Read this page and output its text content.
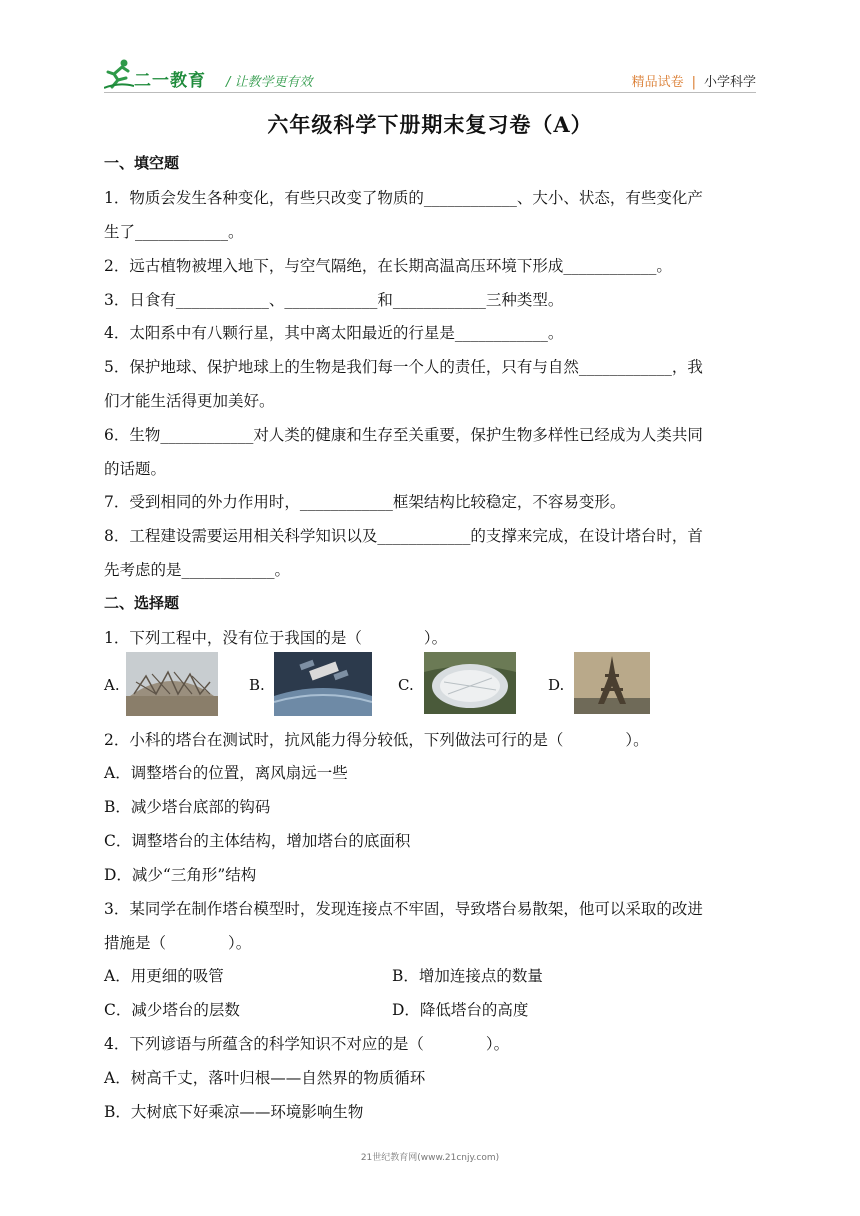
二一教育 / 让教学更有效	精品试卷 | 小学科学
六年级科学下册期末复习卷（A）
一、填空题
1．物质会发生各种变化，有些只改变了物质的____________、大小、状态，有些变化产
生了____________。
2．远古植物被埋入地下，与空气隔绝，在长期高温高压环境下形成____________。
3．日食有____________、____________和____________三种类型。
4．太阳系中有八颗行星，其中离太阳最近的行星是____________。
5．保护地球、保护地球上的生物是我们每一个人的责任，只有与自然____________，我
们才能生活得更加美好。
6．生物____________对人类的健康和生存至关重要，保护生物多样性已经成为人类共同
的话题。
7．受到相同的外力作用时，____________框架结构比较稳定，不容易变形。
8．工程建设需要运用相关科学知识以及____________的支撑来完成，在设计塔台时，首
先考虑的是____________。
二、选择题
1．下列工程中，没有位于我国的是（　　　　）。
A.	B.	C.	D.
2．小科的塔台在测试时，抗风能力得分较低，下列做法可行的是（　　　　）。
A．调整塔台的位置，离风扇远一些
B．减少塔台底部的钩码
C．调整塔台的主体结构，增加塔台的底面积
D．减少“三角形”结构
3．某同学在制作塔台模型时，发现连接点不牢固，导致塔台易散架，他可以采取的改进
措施是（　　　　）。
A．用更细的吸管	B．增加连接点的数量
C．减少塔台的层数	D．降低塔台的高度
4．下列谚语与所蕴含的科学知识不对应的是（　　　　）。
A．树高千丈，落叶归根——自然界的物质循环
B．大树底下好乘凉——环境影响生物
21世纪教育网(www.21cnjy.com)
